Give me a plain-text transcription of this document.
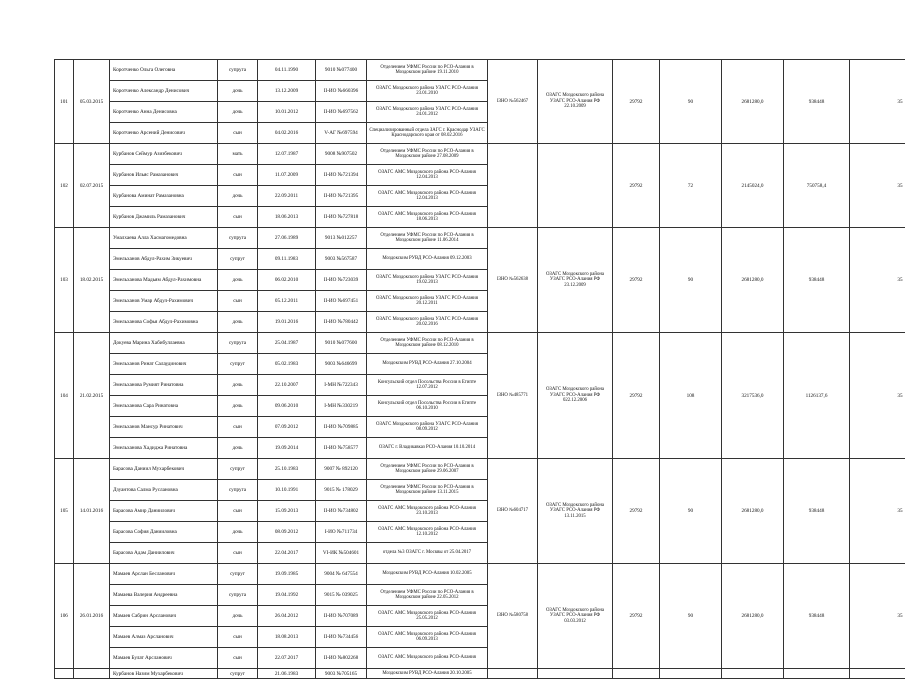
101	05.03.2015	Коротченко Ольга Олеговна	супруга	04.11.1990	9010 №077400	Отделением УФМС России по РСО-Алания в Моздокском районе 19.11.2010	ІЗНО №562467	ОЗАГС Моздокского района УЗАГС РСО-Алания РФ 22.10.2009	29792	90	2681280,0	938448	35
		Коротченко Александр Денисович	дочь	13.12.2009	II-ИО №660396	ОЗАГС Моздокского района УЗАГС РСО-Алания 23.01.2010							
		Коротченко Анна Денисовна	дочь	10.01.2012	II-ИО №697562	ОЗАГС Моздокского района УЗАГС РСО-Алания 24.01.2012							
		Коротченко Арсений Денисович	сын	04.02.2016	V-АГ №697594	Специализированный отдела ЗАГС г. Краснодар УЗАГС Краснодарского края от 08.02.2016							
102	02.07.2015	Курбанов Сеймур Азизбекович	мать	12.07.1987	9008 №907502	Отделением УФМС России по РСО-Алания в Моздокском районе 27.08.2009			29792	72	2145024,0	750758,4	35
		Курбанов Ильяс Рамазанович	сын	11.07.2009	II-ИО №721394	ОЗАГС АМС Моздокского района РСО-Алания 12.04.2013							
		Курбанова Аминат Рамазановна	дочь	22.09.2011	II-ИО №721395	ОЗАГС АМС Моздокского района РСО-Алания 12.04.2013							
		Курбанов Джамиль Рамазанович	сын	18.06.2013	II-ИО №727818	ОЗАГС АМС Моздокского района РСО-Алания 18.06.2013							
103	18.02.2015	Умалхаева Алла Хасмагомедовна	супруга	27.06.1989	9013 №012257	Отделением УФМС России по РСО-Алания в Моздокском районе 11.06.2014	ІЗНО №562638	ОЗАГС Моздокского района УЗАГС РСО-Алания РФ 23.12.2009	29792	90	2681280,0	938448	35
		Эмельханов Абдул-Рахим Зикуевич	супруг	09.11.1983	9003 №567587	Моздокским РУВД РСО-Алания 09.12.2003							
		Эмельханова Мадьям Абдул-Рахимовна	дочь	06.02.2010	II-ИО №723039	ОЗАГС Моздокского района УЗАГС РСО-Алания 19.02.2013							
		Эмельханов Умар Абдул-Рахимович	сын	05.12.2011	II-ИО №697451	ОЗАГС Моздокского района УЗАГС РСО-Алания 20.12.2011							
		Эмельханова Софья Абдул-Рахимовна	дочь	19.01.2016	II-ИО №780442	ОЗАГС Моздокского района УЗАГС РСО-Алания 20.02.2016							
104	21.02.2015	Докуева Марина Хабибуллаевна	супруга	25.04.1987	9010 №077600	Отделением УФМС России по РСО-Алания в Моздокском районе 08.12.2010	ІЗНО №485771	ОЗАГС Моздокского района УЗАГС РСО-Алания РФ 022.12.2006	29792	108	3217536,0	1126137,6	35
		Эмельханов Ринат Салаудинович	супруг	05.02.1983	9003 №646699	Моздокским РУВД РСО-Алания 27.10.2004							
		Эмельханова Румият Ринатовна	дочь	22.10.2007	I-МН №722343	Консульский отдел Посольства России в Египте 12.07.2012							
		Эмельханова Сара Ринатовна	дочь	09.06.2010	I-МН №330219	Консульский отдел Посольства России в Египте 06.10.2010							
		Эмельханов Мансур Ринатович	сын	07.09.2012	II-ИО №709885	ОЗАГС Моздокского района УЗАГС РСО-Алания 08.09.2012							
		Эмельханова Хадиджа Ринатовна	дочь	19.09.2014	II-ИО №758577	ОЗАГС г. Владикавказ РСО-Алания 10.10.2014							
105	14.01.2016	Барасова Даниил Мухарбекович	супруг	25.10.1983	9007 № 892120	Отделением УФМС России по РСО-Алания в Моздокском районе 29.06.2007	ІЗНО №604717	ОЗАГС Моздокского района УЗАГС РСО-Алания РФ 13.11.2015	29792	90	2681280,0	938448	35
		Дзуантова Салма Руслановна	супруга	10.10.1991	9015 № 178029	Отделением УФМС России по РСО-Алания в Моздокском районе 13.11.2015							
		Барасова Амир Даниилович	сын	15.09.2013	II-ИО №734802	ОЗАГС АМС Моздокского района РСО-Алания 23.10.2013							
		Барасова София Данииловна	дочь	08.09.2012	I-ИО №711734	ОЗАГС АМС Моздокского района РСО-Алания 12.10.2012							
		Барасова Адам Даниилович	сын	22.04.2017	VI-ИК №504601	отдела №3 ОЗАГС г. Москвы от 25.04.2017							
106	26.01.2016	Мамаев Арслан Бесланович	супруг	19.09.1985	9004 № 647554	Моздокским РУВД РСО-Алания 10.02.2005	ІЗНО №580758	ОЗАГС Моздокского района УЗАГС РСО-Алания РФ 03.03.2012	29792	90	2681280,0	938448	35
		Мамаева Валерия Андреевна	супруга	19.04.1992	9015 № 039025	Отделением УФМС России по РСО-Алания в Моздокском районе 22.05.2012							
		Мамаев Сабрин Арсланович	дочь	26.04.2012	II-ИО №707089	ОЗАГС АМС Моздокского района РСО-Алания 25.05.2012							
		Мамаев Алмаз Арсланович	сын	18.08.2013	II-ИО №734456	ОЗАГС АМС Моздокского района РСО-Алания 06.09.2013							
		Мамаев Булат Арсланович	сын	22.07.2017	II-ИО №802268	ОЗАГС АМС Моздокского района РСО-Алания							
		Курбанов Назим Мухарбекович	супруг	21.06.1983	9003 №705165	Моздокским РУВД РСО-Алания 20.10.2005							
